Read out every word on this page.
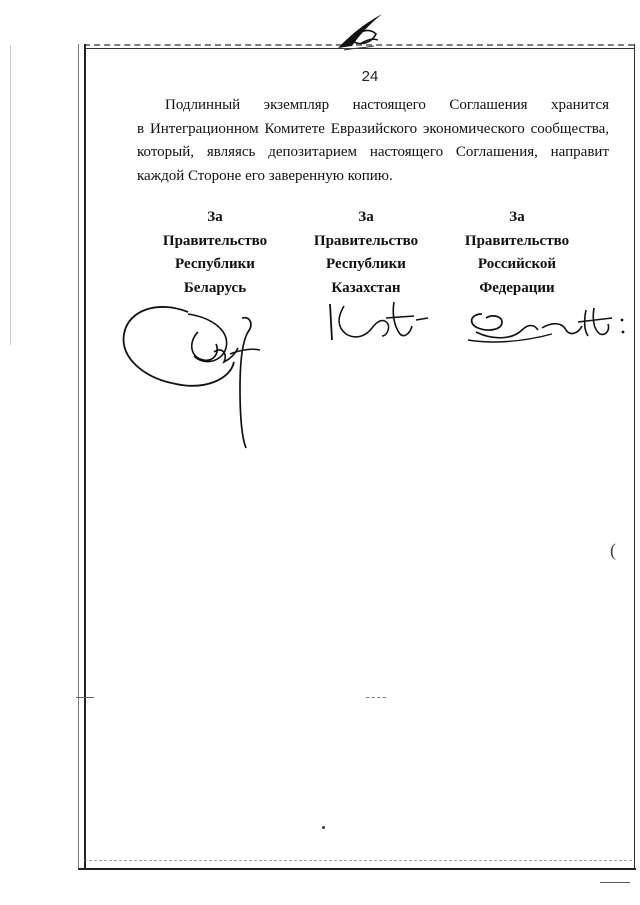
24
Подлинный экземпляр настоящего Соглашения хранится
в Интеграционном Комитете Евразийского экономического сообщества,
который, являясь депозитарием настоящего Соглашения, направит
каждой Стороне его заверенную копию.
За
Правительство
Республики
Беларусь
За
Правительство
Республики
Казахстан
За
Правительство
Российской
Федерации
(
